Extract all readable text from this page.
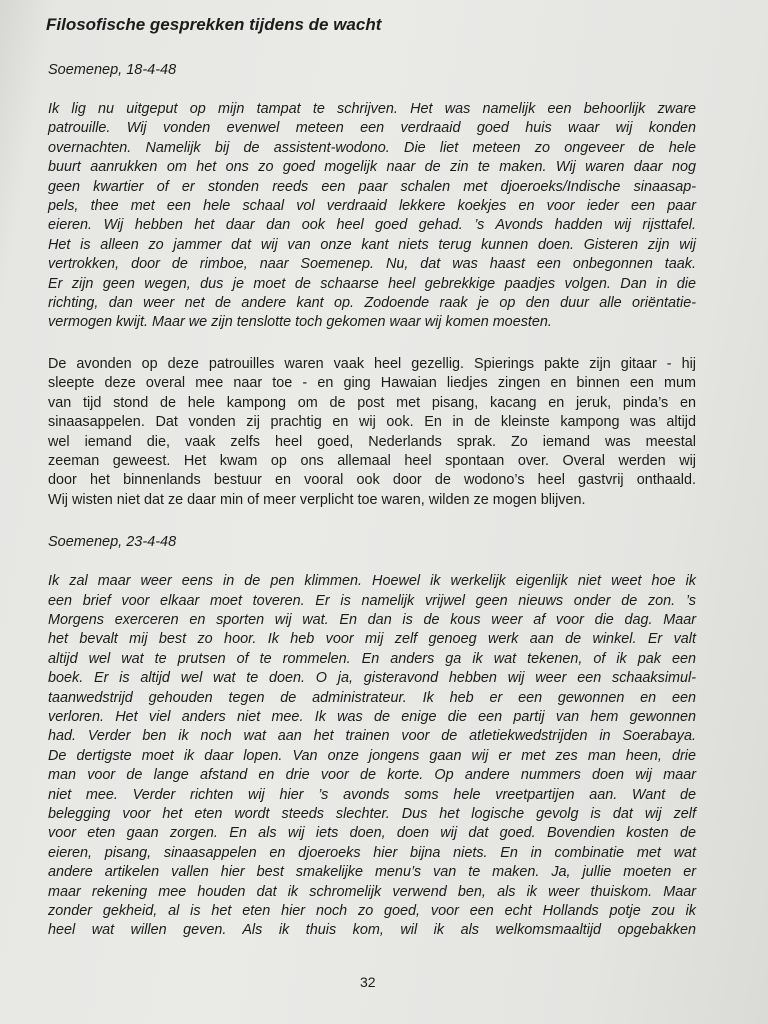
Filosofische gesprekken tijdens de wacht
Soemenep, 18-4-48
Ik lig nu uitgeput op mijn tampat te schrijven. Het was namelijk een behoorlijk zware
patrouille. Wij vonden evenwel meteen een verdraaid goed huis waar wij konden
overnachten. Namelijk bij de assistent-wodono. Die liet meteen zo ongeveer de hele
buurt aanrukken om het ons zo goed mogelijk naar de zin te maken. Wij waren daar nog
geen kwartier of er stonden reeds een paar schalen met djoeroeks/Indische sinaasap-
pels, thee met een hele schaal vol verdraaid lekkere koekjes en voor ieder een paar
eieren. Wij hebben het daar dan ook heel goed gehad. ’s Avonds hadden wij rijsttafel.
Het is alleen zo jammer dat wij van onze kant niets terug kunnen doen. Gisteren zijn wij
vertrokken, door de rimboe, naar Soemenep. Nu, dat was haast een onbegonnen taak.
Er zijn geen wegen, dus je moet de schaarse heel gebrekkige paadjes volgen. Dan in die
richting, dan weer net de andere kant op. Zodoende raak je op den duur alle oriëntatie-
vermogen kwijt. Maar we zijn tenslotte toch gekomen waar wij komen moesten.
De avonden op deze patrouilles waren vaak heel gezellig. Spierings pakte zijn gitaar - hij
sleepte deze overal mee naar toe - en ging Hawaian liedjes zingen en binnen een mum
van tijd stond de hele kampong om de post met pisang, kacang en jeruk, pinda’s en
sinaasappelen. Dat vonden zij prachtig en wij ook. En in de kleinste kampong was altijd
wel iemand die, vaak zelfs heel goed, Nederlands sprak. Zo iemand was meestal
zeeman geweest. Het kwam op ons allemaal heel spontaan over. Overal werden wij
door het binnenlands bestuur en vooral ook door de wodono’s heel gastvrij onthaald.
Wij wisten niet dat ze daar min of meer verplicht toe waren, wilden ze mogen blijven.
Soemenep, 23-4-48
Ik zal maar weer eens in de pen klimmen. Hoewel ik werkelijk eigenlijk niet weet hoe ik
een brief voor elkaar moet toveren. Er is namelijk vrijwel geen nieuws onder de zon. ’s
Morgens exerceren en sporten wij wat. En dan is de kous weer af voor die dag. Maar
het bevalt mij best zo hoor. Ik heb voor mij zelf genoeg werk aan de winkel. Er valt
altijd wel wat te prutsen of te rommelen. En anders ga ik wat tekenen, of ik pak een
boek. Er is altijd wel wat te doen. O ja, gisteravond hebben wij weer een schaaksimul-
taanwedstrijd gehouden tegen de administrateur. Ik heb er een gewonnen en een
verloren. Het viel anders niet mee. Ik was de enige die een partij van hem gewonnen
had. Verder ben ik noch wat aan het trainen voor de atletiekwedstrijden in Soerabaya.
De dertigste moet ik daar lopen. Van onze jongens gaan wij er met zes man heen, drie
man voor de lange afstand en drie voor de korte. Op andere nummers doen wij maar
niet mee. Verder richten wij hier ’s avonds soms hele vreetpartijen aan. Want de
belegging voor het eten wordt steeds slechter. Dus het logische gevolg is dat wij zelf
voor eten gaan zorgen. En als wij iets doen, doen wij dat goed. Bovendien kosten de
eieren, pisang, sinaasappelen en djoeroeks hier bijna niets. En in combinatie met wat
andere artikelen vallen hier best smakelijke menu’s van te maken. Ja, jullie moeten er
maar rekening mee houden dat ik schromelijk verwend ben, als ik weer thuiskom. Maar
zonder gekheid, al is het eten hier noch zo goed, voor een echt Hollands potje zou ik
heel wat willen geven. Als ik thuis kom, wil ik als welkomsmaaltijd opgebakken
32
